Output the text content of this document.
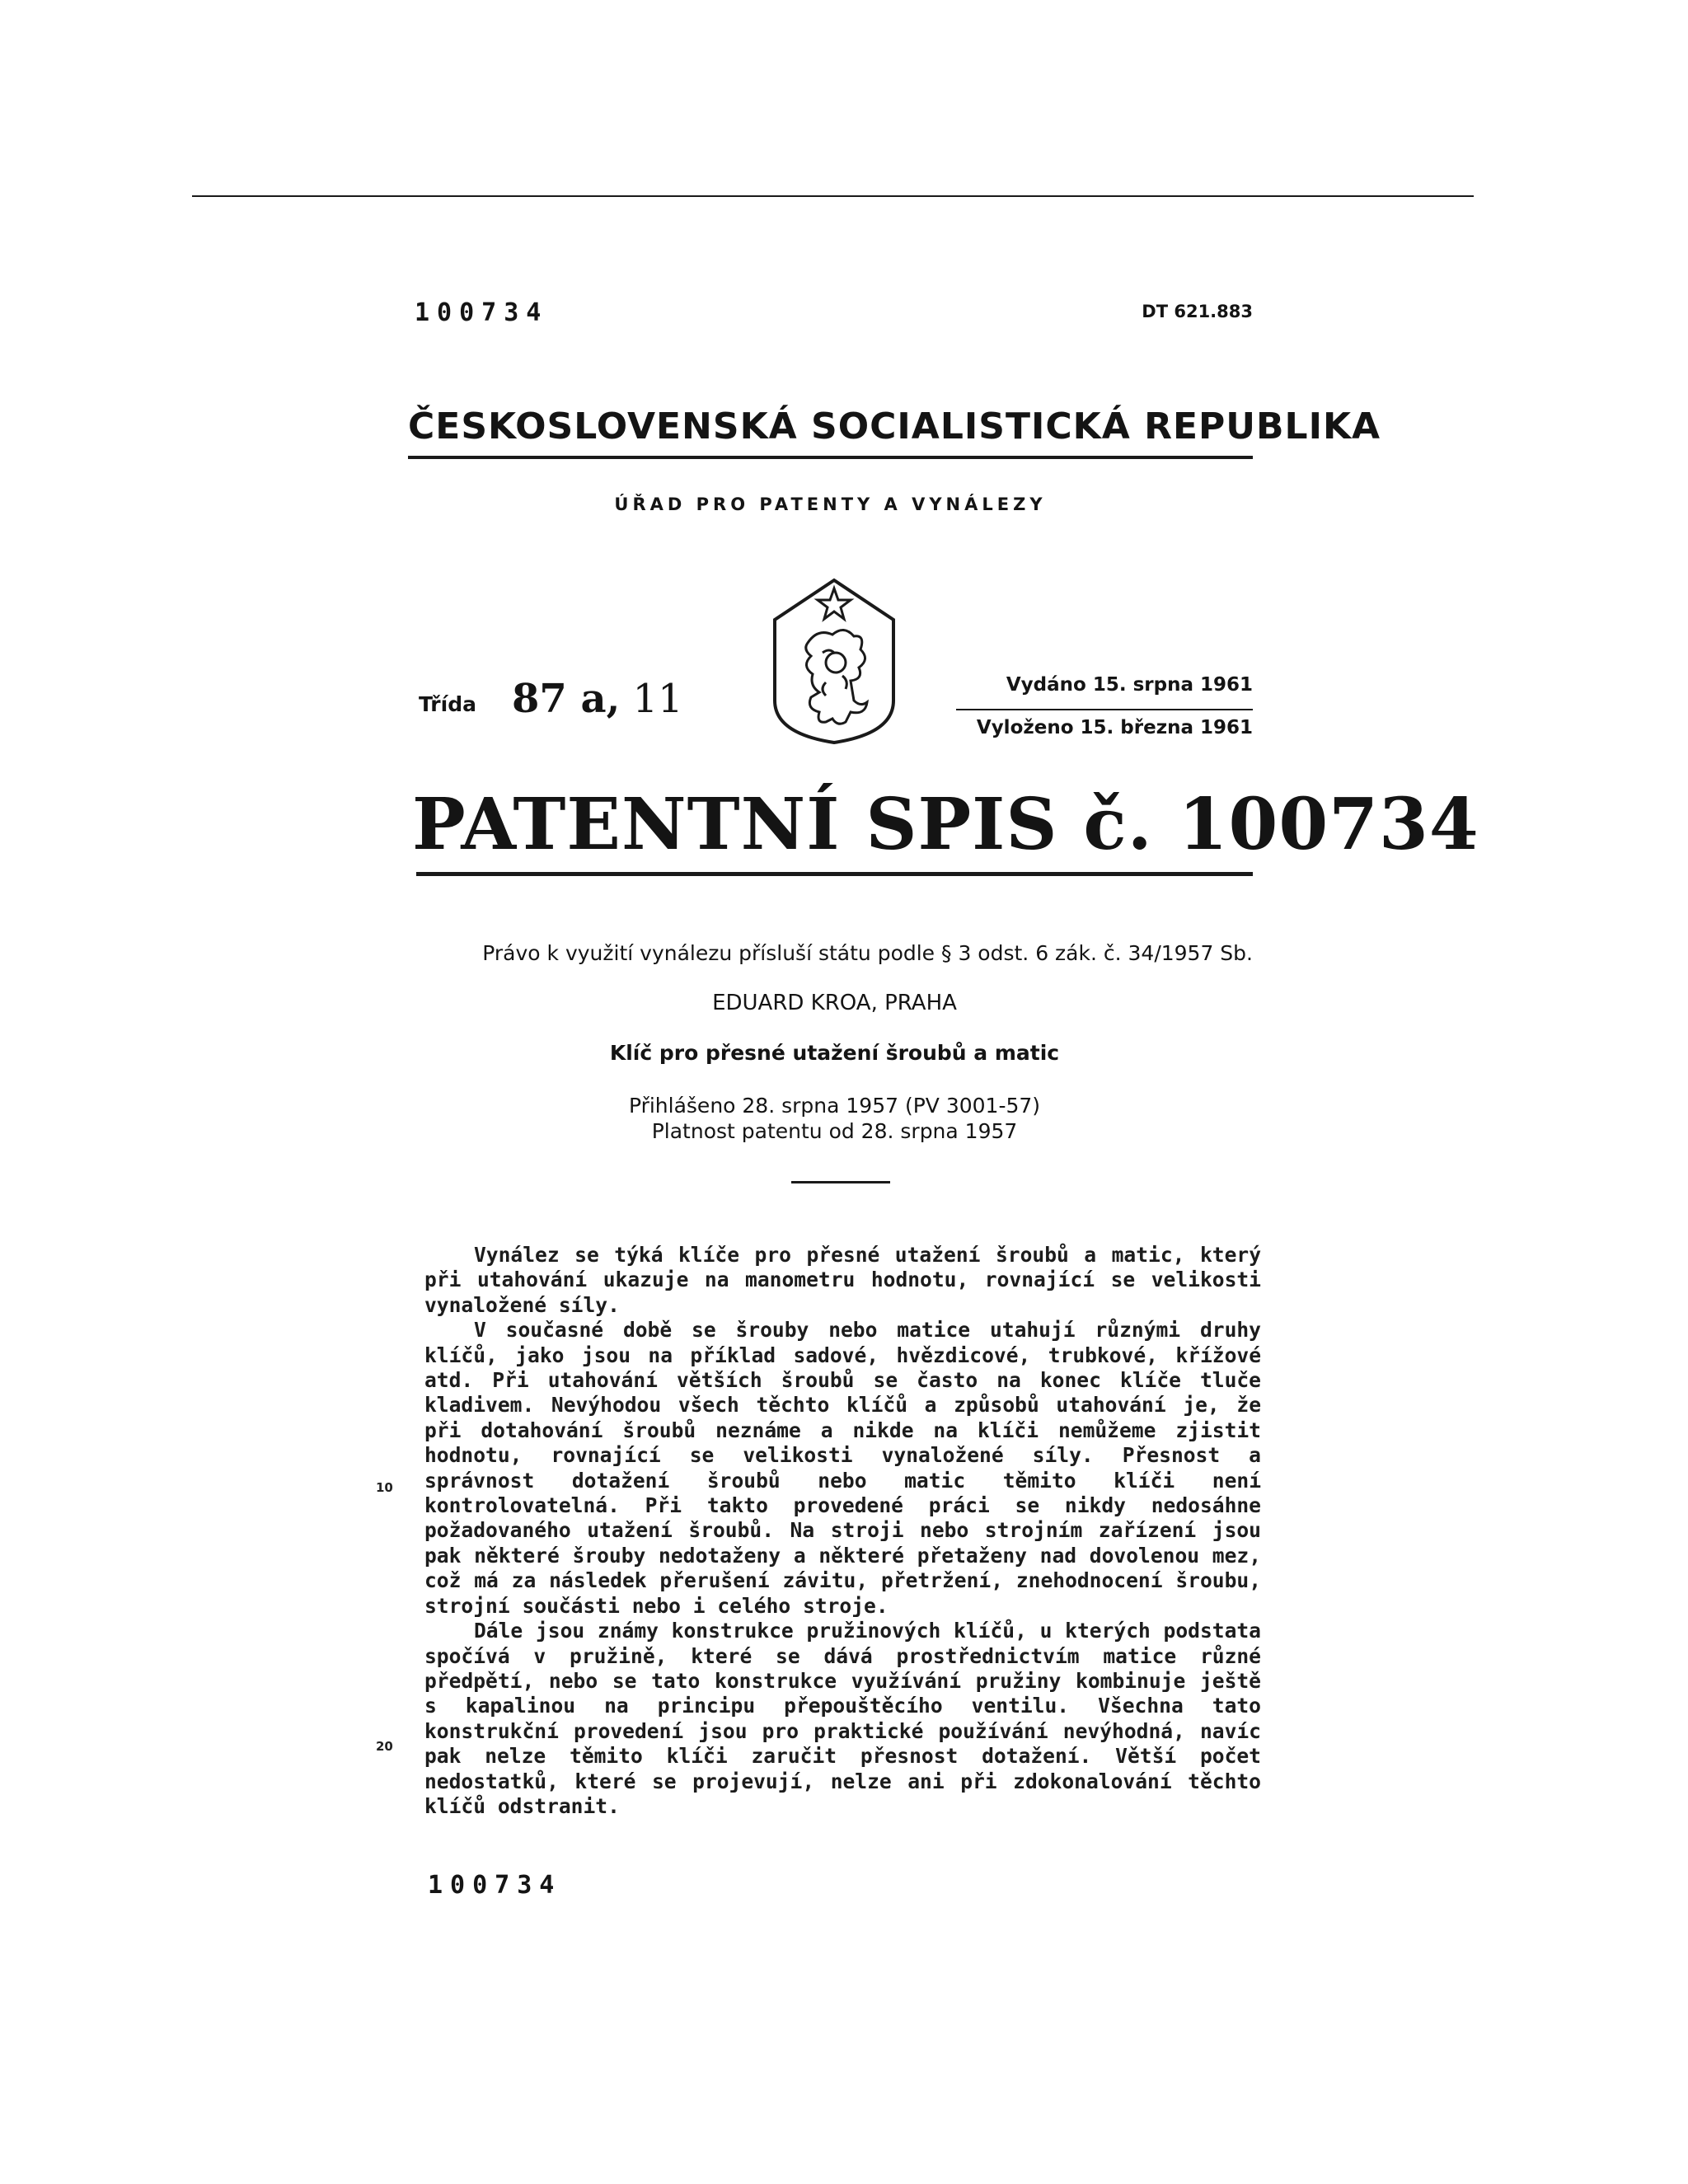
100734	DT 621.883
ČESKOSLOVENSKÁ SOCIALISTICKÁ REPUBLIKA
ÚŘAD PRO PATENTY A VYNÁLEZY
Třída 87 a, 11	Vydáno 15. srpna 1961
Vyloženo 15. března 1961
PATENTNÍ SPIS č. 100734
Právo k využití vynálezu přísluší státu podle § 3 odst. 6 zák. č. 34/1957 Sb.
EDUARD KROA, PRAHA
Klíč pro přesné utažení šroubů a matic
Přihlášeno 28. srpna 1957 (PV 3001-57)
Platnost patentu od 28. srpna 1957

Vynález se týká klíče pro přesné utažení šroubů a matic, který při utahování ukazuje na manometru hodnotu, rovnající se velikosti vynaložené síly.

V současné době se šrouby nebo matice utahují různými druhy klíčů, jako jsou na příklad sadové, hvězdicové, trubkové, křížové atd. Při utahování větších šroubů se často na konec klíče tluče kladivem. Nevýhodou všech těchto klíčů a způsobů utahování je, že při dotahování šroubů neznáme a nikde na klíči nemůžeme zjistit hodnotu, rovnající se velikosti vynaložené síly. Přesnost a správnost dotažení šroubů nebo matic těmito klíči není kontrolovatelná. Při takto provedené práci se nikdy nedosáhne požadovaného utažení šroubů. Na stroji nebo strojním zařízení jsou pak některé šrouby nedotaženy a některé přetaženy nad dovolenou mez, což má za následek přerušení závitu, přetržení, znehodnocení šroubu, strojní součásti nebo i celého stroje.

Dále jsou známy konstrukce pružinových klíčů, u kterých podstata spočívá v pružině, které se dává prostřednictvím matice různé předpětí, nebo se tato konstrukce využívání pružiny kombinuje ještě s kapalinou na principu přepouštěcího ventilu. Všechna tato konstrukční provedení jsou pro praktické používání nevýhodná, navíc pak nelze těmito klíči zaručit přesnost dotažení. Větší počet nedostatků, které se projevují, nelze ani při zdokonalování těchto klíčů odstranit.

10
20
100734
